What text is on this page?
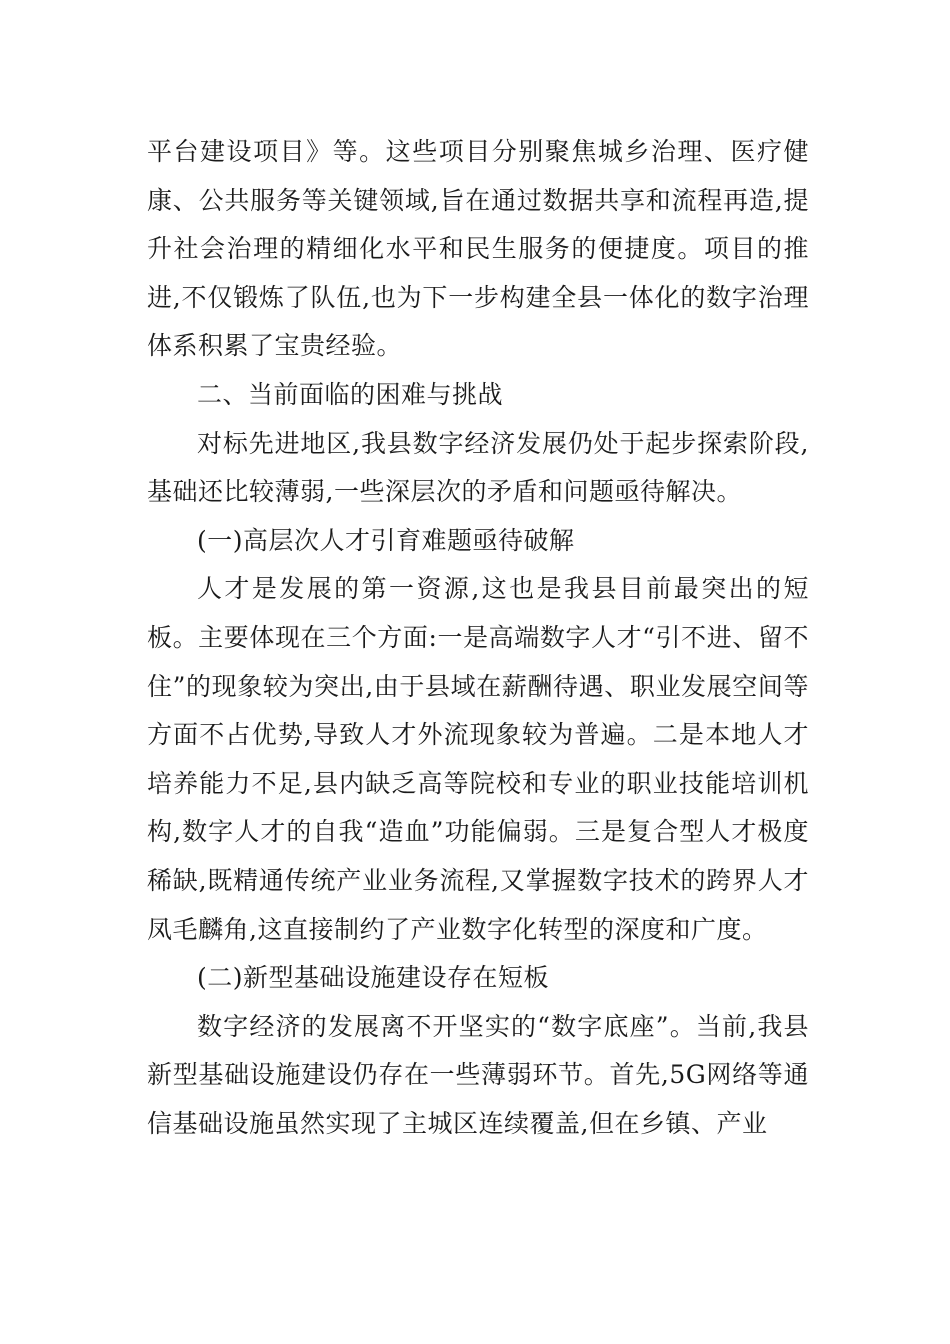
平台建设项目》等。这些项目分别聚焦城乡治理、医疗健康、公共服务等关键领域,旨在通过数据共享和流程再造,提升社会治理的精细化水平和民生服务的便捷度。项目的推进,不仅锻炼了队伍,也为下一步构建全县一体化的数字治理体系积累了宝贵经验。

二、当前面临的困难与挑战

对标先进地区,我县数字经济发展仍处于起步探索阶段,基础还比较薄弱,一些深层次的矛盾和问题亟待解决。

(一)高层次人才引育难题亟待破解

人才是发展的第一资源,这也是我县目前最突出的短板。主要体现在三个方面:一是高端数字人才“引不进、留不住”的现象较为突出,由于县域在薪酬待遇、职业发展空间等方面不占优势,导致人才外流现象较为普遍。二是本地人才培养能力不足,县内缺乏高等院校和专业的职业技能培训机构,数字人才的自我“造血”功能偏弱。三是复合型人才极度稀缺,既精通传统产业业务流程,又掌握数字技术的跨界人才凤毛麟角,这直接制约了产业数字化转型的深度和广度。

(二)新型基础设施建设存在短板

数字经济的发展离不开坚实的“数字底座”。当前,我县新型基础设施建设仍存在一些薄弱环节。首先,5G网络等通信基础设施虽然实现了主城区连续覆盖,但在乡镇、产业
